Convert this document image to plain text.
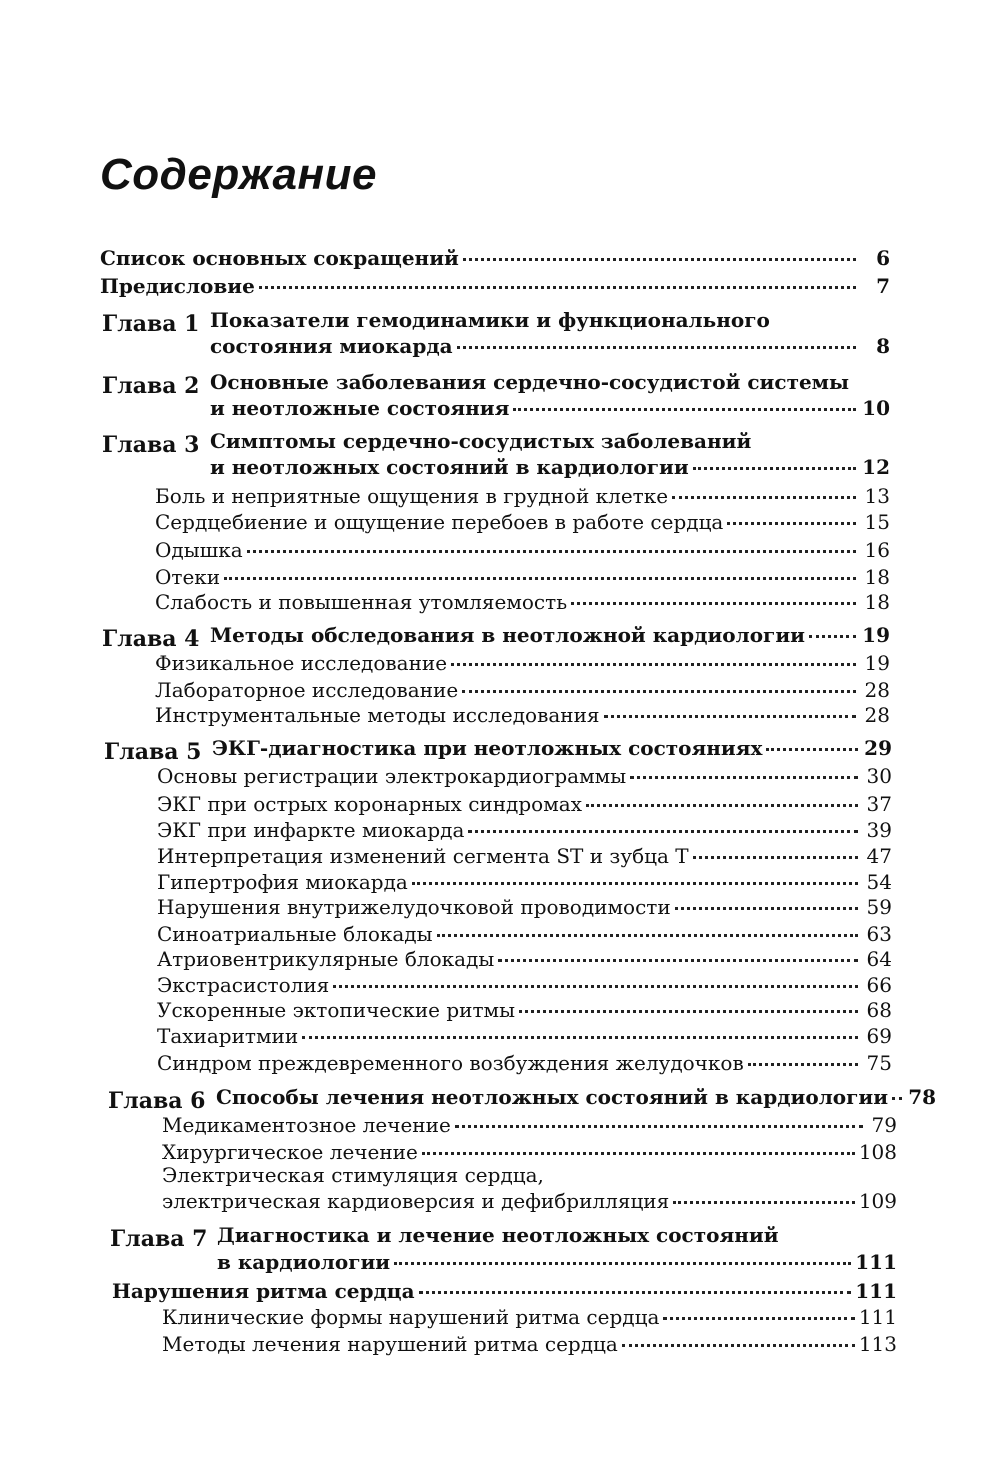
Содержание
Список основных сокращений	6
Предисловие	7
Глава 1 Показатели гемодинамики и функционального
состояния миокарда	8
Глава 2 Основные заболевания сердечно-сосудистой системы
и неотложные состояния	10
Глава 3 Симптомы сердечно-сосудистых заболеваний
и неотложных состояний в кардиологии	12
Боль и неприятные ощущения в грудной клетке	13
Сердцебиение и ощущение перебоев в работе сердца	15
Одышка	16
Отеки	18
Слабость и повышенная утомляемость	18
Глава 4 Методы обследования в неотложной кардиологии	19
Физикальное исследование	19
Лабораторное исследование	28
Инструментальные методы исследования	28
Глава 5 ЭКГ-диагностика при неотложных состояниях	29
Основы регистрации электрокардиограммы	30
ЭКГ при острых коронарных синдромах	37
ЭКГ при инфаркте миокарда	39
Интерпретация изменений сегмента ST и зубца Т	47
Гипертрофия миокарда	54
Нарушения внутрижелудочковой проводимости	59
Синоатриальные блокады	63
Атриовентрикулярные блокады	64
Экстрасистолия	66
Ускоренные эктопические ритмы	68
Тахиаритмии	69
Синдром преждевременного возбуждения желудочков	75
Глава 6 Способы лечения неотложных состояний в кардиологии 78
Медикаментозное лечение	79
Хирургическое лечение	108
Электрическая стимуляция сердца,
электрическая кардиоверсия и дефибрилляция	109
Глава 7 Диагностика и лечение неотложных состояний
в кардиологии	111
Нарушения ритма сердца	111
Клинические формы нарушений ритма сердца	111
Методы лечения нарушений ритма сердца	113
